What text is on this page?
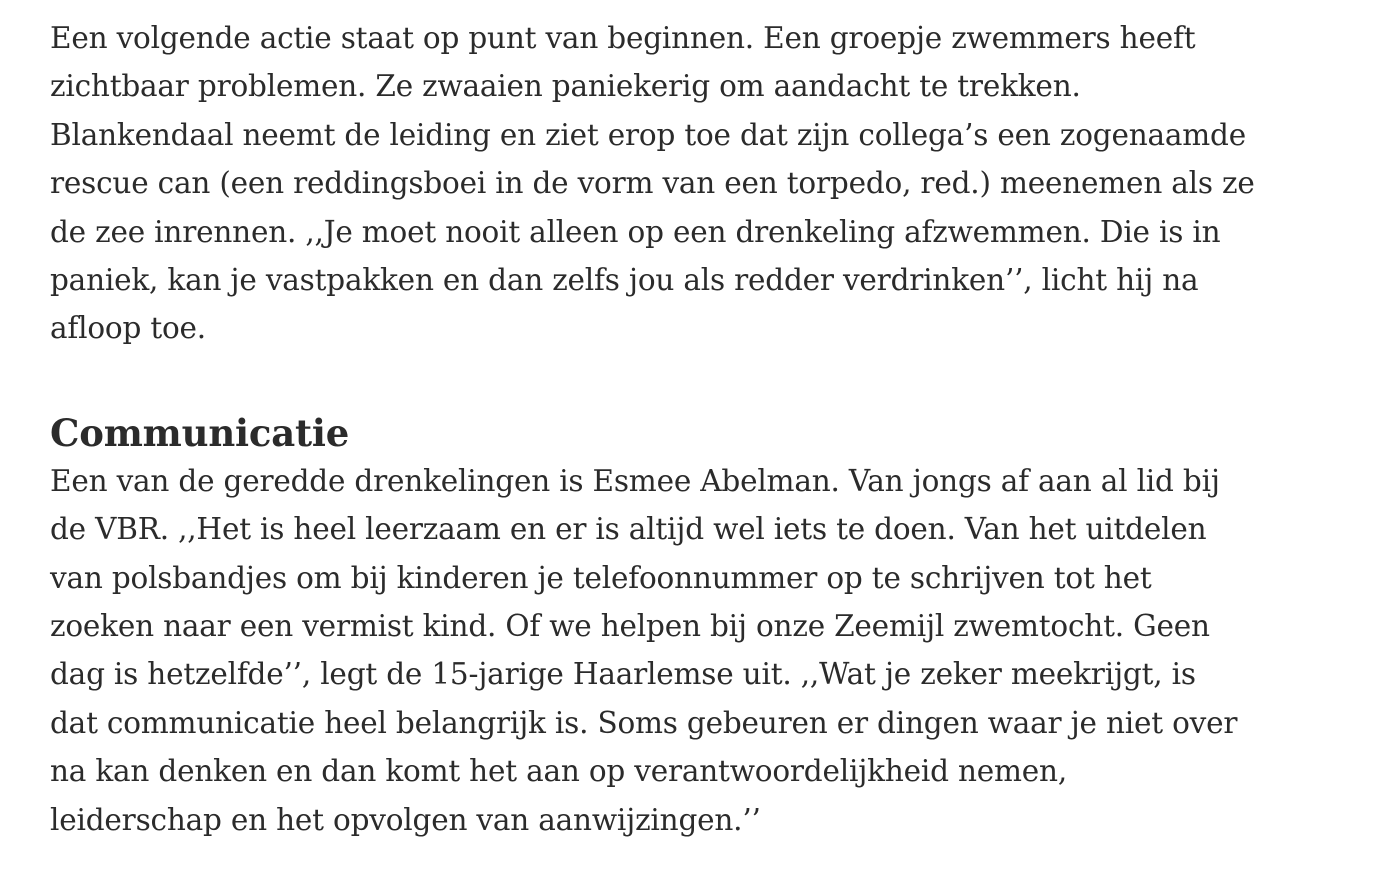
Een volgende actie staat op punt van beginnen. Een groepje zwemmers heeft
zichtbaar problemen. Ze zwaaien paniekerig om aandacht te trekken.
Blankendaal neemt de leiding en ziet erop toe dat zijn collega’s een zogenaamde
rescue can (een reddingsboei in de vorm van een torpedo, red.) meenemen als ze
de zee inrennen. ,,Je moet nooit alleen op een drenkeling afzwemmen. Die is in
paniek, kan je vastpakken en dan zelfs jou als redder verdrinken’’, licht hij na
afloop toe.

Communicatie

Een van de geredde drenkelingen is Esmee Abelman. Van jongs af aan al lid bij
de VBR. ,,Het is heel leerzaam en er is altijd wel iets te doen. Van het uitdelen
van polsbandjes om bij kinderen je telefoonnummer op te schrijven tot het
zoeken naar een vermist kind. Of we helpen bij onze Zeemijl zwemtocht. Geen
dag is hetzelfde’’, legt de 15-jarige Haarlemse uit. ,,Wat je zeker meekrijgt, is
dat communicatie heel belangrijk is. Soms gebeuren er dingen waar je niet over
na kan denken en dan komt het aan op verantwoordelijkheid nemen,
leiderschap en het opvolgen van aanwijzingen.’’
